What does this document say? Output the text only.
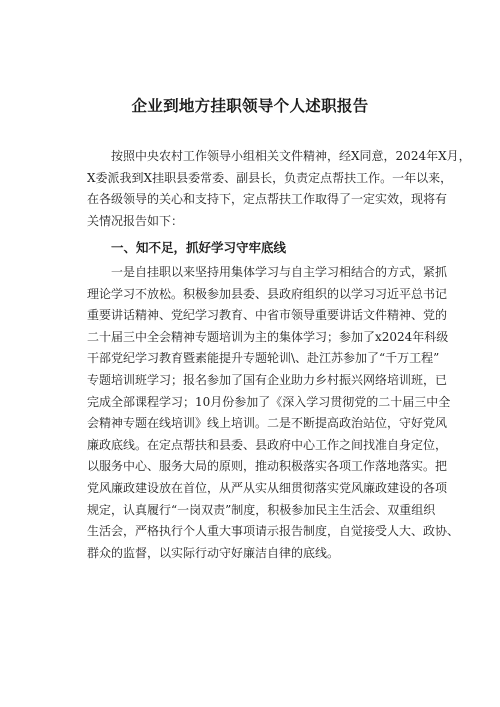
企业到地方挂职领导个人述职报告
按照中央农村工作领导小组相关文件精神，经X同意，2024年X月，
X委派我到X挂职县委常委、副县长，负责定点帮扶工作。一年以来，
在各级领导的关心和支持下，定点帮扶工作取得了一定实效，现将有
关情况报告如下：
一、知不足，抓好学习守牢底线
一是自挂职以来坚持用集体学习与自主学习相结合的方式，紧抓
理论学习不放松。积极参加县委、县政府组织的以学习习近平总书记
重要讲话精神、党纪学习教育、中省市领导重要讲话文件精神、党的
二十届三中全会精神专题培训为主的集体学习；参加了x2024年科级
干部党纪学习教育暨素能提升专题轮训\、赴江苏参加了“千万工程”
专题培训班学习；报名参加了国有企业助力乡村振兴网络培训班，已
完成全部课程学习；10月份参加了《深入学习贯彻党的二十届三中全
会精神专题在线培训》线上培训。二是不断提高政治站位，守好党风
廉政底线。在定点帮扶和县委、县政府中心工作之间找准自身定位，
以服务中心、服务大局的原则，推动积极落实各项工作落地落实。把
党风廉政建设放在首位，从严从实从细贯彻落实党风廉政建设的各项
规定，认真履行“一岗双责”制度，积极参加民主生活会、双重组织
生活会，严格执行个人重大事项请示报告制度，自觉接受人大、政协、
群众的监督，以实际行动守好廉洁自律的底线。
